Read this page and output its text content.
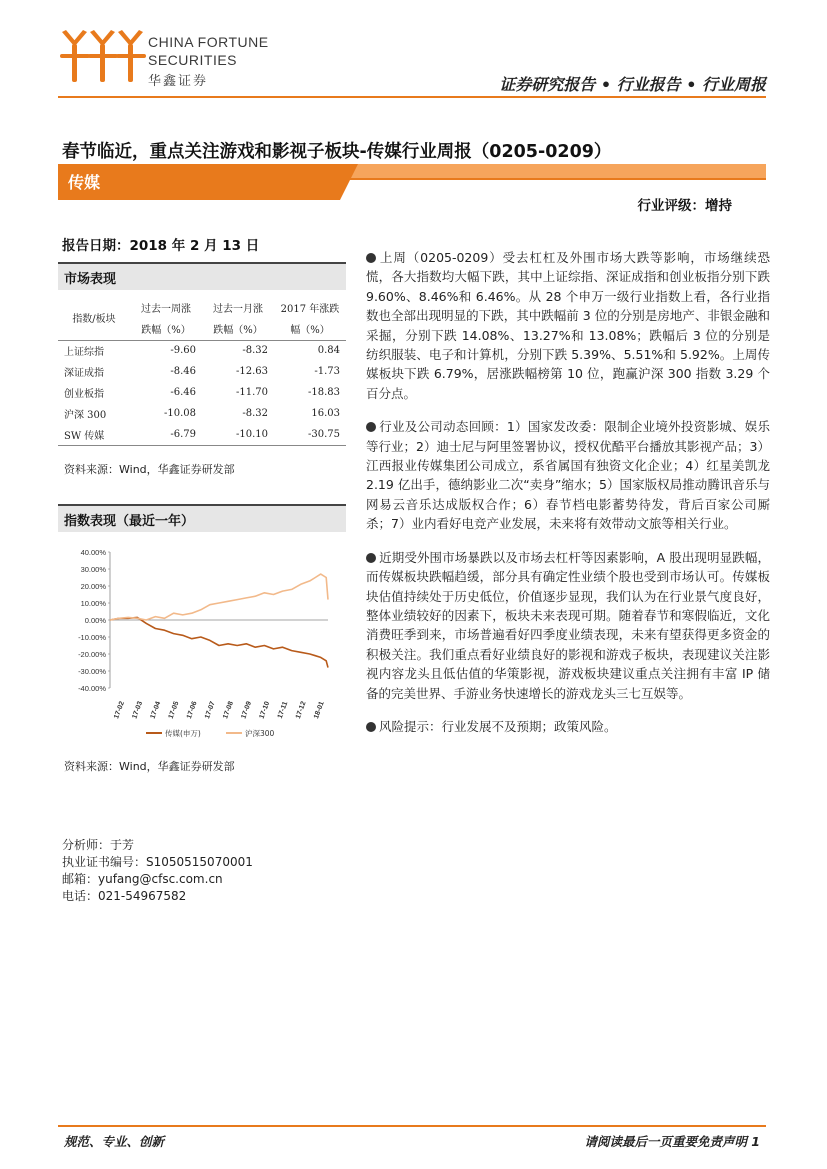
CHINA FORTUNE
SECURITIES
华鑫证券	证券研究报告 • 行业报告 • 行业周报
春节临近，重点关注游戏和影视子板块-传媒行业周报（0205-0209）
传媒
行业评级：增持
报告日期：2018 年 2 月 13 日
市场表现
指数/板块	过去一周涨	过去一月涨	2017 年涨跌
	跌幅（%）	跌幅（%）	幅（%）
上证综指	-9.60	-8.32	0.84
深证成指	-8.46	-12.63	-1.73
创业板指	-6.46	-11.70	-18.83
沪深 300	-10.08	-8.32	16.03
SW 传媒	-6.79	-10.10	-30.75
资料来源：Wind，华鑫证券研发部
指数表现（最近一年）
40.00%
30.00%
20.00%
10.00%
0.00%
-10.00%
-20.00%
-30.00%
-40.00%
17-02 17-03 17-04 17-05 17-06 17-07 17-08 17-09 17-10 17-11 17-12 18-01
传媒(申万)	沪深300
资料来源：Wind，华鑫证券研发部
分析师：于芳
执业证书编号：S1050515070001
邮箱：yufang@cfsc.com.cn
电话：021-54967582

上周（0205-0209）受去杠杠及外围市场大跌等影响，市场继续恐慌，各大指数均大幅下跌，其中上证综指、深证成指和创业板指分别下跌 9.60%、8.46%和 6.46%。从 28 个申万一级行业指数上看，各行业指数也全部出现明显的下跌，其中跌幅前 3 位的分别是房地产、非银金融和采掘，分别下跌 14.08%、13.27%和 13.08%；跌幅后 3 位的分别是纺织服装、电子和计算机，分别下跌 5.39%、5.51%和 5.92%。上周传媒板块下跌 6.79%，居涨跌幅榜第 10 位，跑赢沪深 300 指数 3.29 个百分点。

行业及公司动态回顾：1）国家发改委：限制企业境外投资影城、娱乐等行业；2）迪士尼与阿里签署协议，授权优酷平台播放其影视产品；3）江西报业传媒集团公司成立，系省属国有独资文化企业；4）红星美凯龙 2.19 亿出手，德纳影业二次“卖身”缩水；5）国家版权局推动腾讯音乐与网易云音乐达成版权合作；6）春节档电影蓄势待发，背后百家公司厮杀；7）业内看好电竞产业发展，未来将有效带动文旅等相关行业。

近期受外围市场暴跌以及市场去杠杆等因素影响，A 股出现明显跌幅，而传媒板块跌幅趋缓，部分具有确定性业绩个股也受到市场认可。传媒板块估值持续处于历史低位，价值逐步显现，我们认为在行业景气度良好，整体业绩较好的因素下，板块未来表现可期。随着春节和寒假临近，文化消费旺季到来，市场普遍看好四季度业绩表现，未来有望获得更多资金的积极关注。我们重点看好业绩良好的影视和游戏子板块，表现建议关注影视内容龙头且低估值的华策影视，游戏板块建议重点关注拥有丰富 IP 储备的完美世界、手游业务快速增长的游戏龙头三七互娱等。

风险提示：行业发展不及预期；政策风险。

规范、专业、创新	请阅读最后一页重要免责声明 1
